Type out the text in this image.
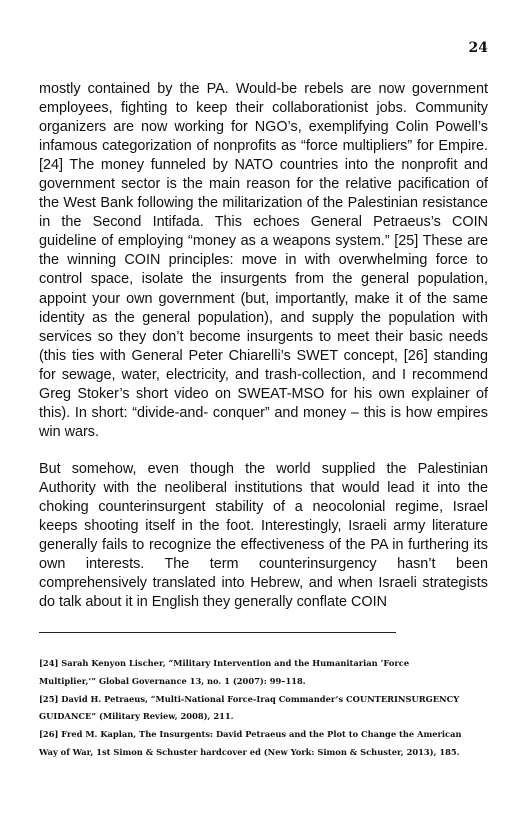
24

mostly contained by the PA. Would-be rebels are now government employees, fighting to keep their collaborationist jobs. Community organizers are now working for NGO’s, exemplifying Colin Powell’s infamous categorization of nonprofits as “force multipliers” for Empire. [24] The money funneled by NATO countries into the nonprofit and government sector is the main reason for the relative pacification of the West Bank following the militarization of the Palestinian resistance in the Second Intifada. This echoes General Petraeus’s COIN guideline of employing “money as a weapons system.” [25] These are the winning COIN principles: move in with overwhelming force to control space, isolate the insurgents from the general population, appoint your own government (but, importantly, make it of the same identity as the general population), and supply the population with services so they don’t become insurgents to meet their basic needs (this ties with General Peter Chiarelli’s SWET concept, [26] standing for sewage, water, electricity, and trash-collection, and I recommend Greg Stoker’s short video on SWEAT-MSO for his own explainer of this). In short: “divide-and- conquer” and money – this is how empires win wars.

But somehow, even though the world supplied the Palestinian Authority with the neoliberal institutions that would lead it into the choking counterinsurgent stability of a neocolonial regime, Israel keeps shooting itself in the foot. Interestingly, Israeli army literature generally fails to recognize the effectiveness of the PA in furthering its own interests. The term counterinsurgency hasn’t been comprehensively translated into Hebrew, and when Israeli strategists do talk about it in English they generally conflate COIN

[24] Sarah Kenyon Lischer, “Military Intervention and the Humanitarian ‘Force
Multiplier,’” Global Governance 13, no. 1 (2007): 99–118.

[25] David H. Petraeus, “Multi-National Force-Iraq Commander’s COUNTERINSURGENCY
GUIDANCE” (Military Review, 2008), 211.

[26] Fred M. Kaplan, The Insurgents: David Petraeus and the Plot to Change the American
Way of War, 1st Simon & Schuster hardcover ed (New York: Simon & Schuster, 2013), 185.
